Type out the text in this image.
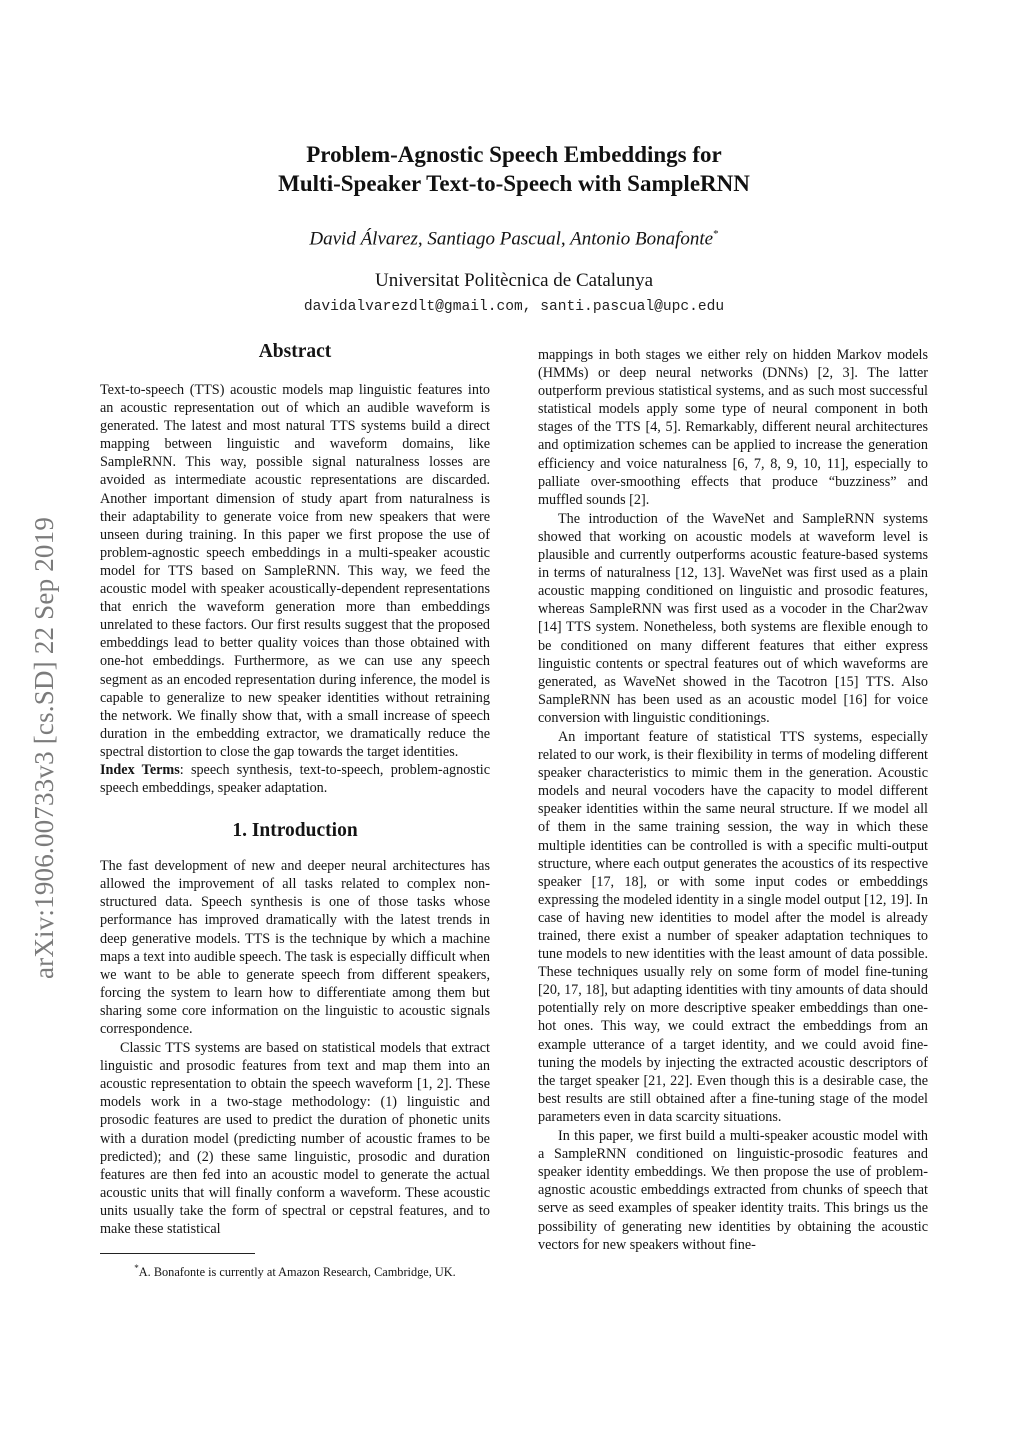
arXiv:1906.00733v3 [cs.SD] 22 Sep 2019
Problem-Agnostic Speech Embeddings for
Multi-Speaker Text-to-Speech with SampleRNN

David Álvarez, Santiago Pascual, Antonio Bonafonte*

Universitat Politècnica de Catalunya

davidalvarezdlt@gmail.com, santi.pascual@upc.edu

Abstract

Text-to-speech (TTS) acoustic models map linguistic features into an acoustic representation out of which an audible waveform is generated. The latest and most natural TTS systems build a direct mapping between linguistic and waveform domains, like SampleRNN. This way, possible signal naturalness losses are avoided as intermediate acoustic representations are discarded. Another important dimension of study apart from naturalness is their adaptability to generate voice from new speakers that were unseen during training. In this paper we first propose the use of problem-agnostic speech embeddings in a multi-speaker acoustic model for TTS based on SampleRNN. This way, we feed the acoustic model with speaker acoustically-dependent representations that enrich the waveform generation more than embeddings unrelated to these factors. Our first results suggest that the proposed embeddings lead to better quality voices than those obtained with one-hot embeddings. Furthermore, as we can use any speech segment as an encoded representation during inference, the model is capable to generalize to new speaker identities without retraining the network. We finally show that, with a small increase of speech duration in the embedding extractor, we dramatically reduce the spectral distortion to close the gap towards the target identities.

Index Terms: speech synthesis, text-to-speech, problem-agnostic speech embeddings, speaker adaptation.

1. Introduction

The fast development of new and deeper neural architectures has allowed the improvement of all tasks related to complex non-structured data. Speech synthesis is one of those tasks whose performance has improved dramatically with the latest trends in deep generative models. TTS is the technique by which a machine maps a text into audible speech. The task is especially difficult when we want to be able to generate speech from different speakers, forcing the system to learn how to differentiate among them but sharing some core information on the linguistic to acoustic signals correspondence.

Classic TTS systems are based on statistical models that extract linguistic and prosodic features from text and map them into an acoustic representation to obtain the speech waveform [1, 2]. These models work in a two-stage methodology: (1) linguistic and prosodic features are used to predict the duration of phonetic units with a duration model (predicting number of acoustic frames to be predicted); and (2) these same linguistic, prosodic and duration features are then fed into an acoustic model to generate the actual acoustic units that will finally conform a waveform. These acoustic units usually take the form of spectral or cepstral features, and to make these statistical

mappings in both stages we either rely on hidden Markov models (HMMs) or deep neural networks (DNNs) [2, 3]. The latter outperform previous statistical systems, and as such most successful statistical models apply some type of neural component in both stages of the TTS [4, 5]. Remarkably, different neural architectures and optimization schemes can be applied to increase the generation efficiency and voice naturalness [6, 7, 8, 9, 10, 11], especially to palliate over-smoothing effects that produce “buzziness” and muffled sounds [2].

The introduction of the WaveNet and SampleRNN systems showed that working on acoustic models at waveform level is plausible and currently outperforms acoustic feature-based systems in terms of naturalness [12, 13]. WaveNet was first used as a plain acoustic mapping conditioned on linguistic and prosodic features, whereas SampleRNN was first used as a vocoder in the Char2wav [14] TTS system. Nonetheless, both systems are flexible enough to be conditioned on many different features that either express linguistic contents or spectral features out of which waveforms are generated, as WaveNet showed in the Tacotron [15] TTS. Also SampleRNN has been used as an acoustic model [16] for voice conversion with linguistic conditionings.

An important feature of statistical TTS systems, especially related to our work, is their flexibility in terms of modeling different speaker characteristics to mimic them in the generation. Acoustic models and neural vocoders have the capacity to model different speaker identities within the same neural structure. If we model all of them in the same training session, the way in which these multiple identities can be controlled is with a specific multi-output structure, where each output generates the acoustics of its respective speaker [17, 18], or with some input codes or embeddings expressing the modeled identity in a single model output [12, 19]. In case of having new identities to model after the model is already trained, there exist a number of speaker adaptation techniques to tune models to new identities with the least amount of data possible. These techniques usually rely on some form of model fine-tuning [20, 17, 18], but adapting identities with tiny amounts of data should potentially rely on more descriptive speaker embeddings than one-hot ones. This way, we could extract the embeddings from an example utterance of a target identity, and we could avoid fine-tuning the models by injecting the extracted acoustic descriptors of the target speaker [21, 22]. Even though this is a desirable case, the best results are still obtained after a fine-tuning stage of the model parameters even in data scarcity situations.

In this paper, we first build a multi-speaker acoustic model with a SampleRNN conditioned on linguistic-prosodic features and speaker identity embeddings. We then propose the use of problem-agnostic acoustic embeddings extracted from chunks of speech that serve as seed examples of speaker identity traits. This brings us the possibility of generating new identities by obtaining the acoustic vectors for new speakers without fine-

*A. Bonafonte is currently at Amazon Research, Cambridge, UK.
